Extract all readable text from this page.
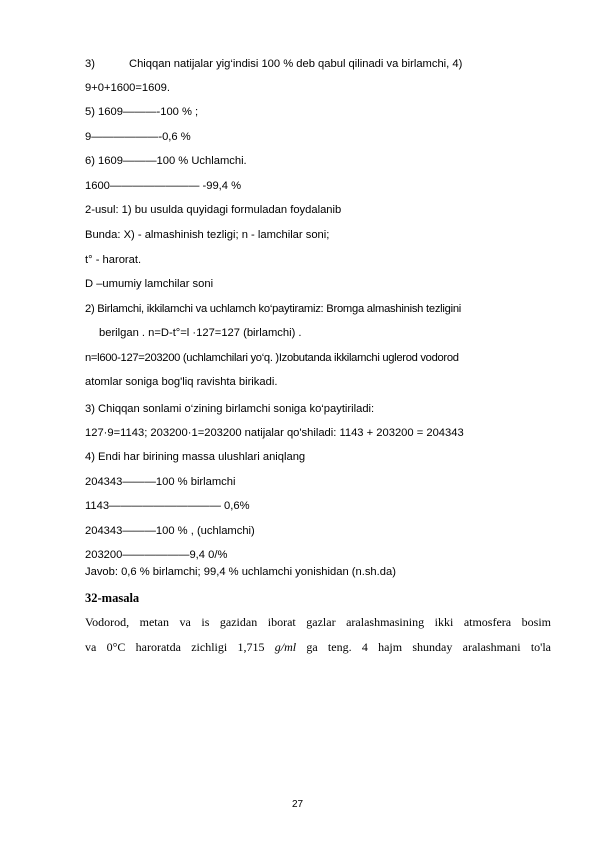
3)	Chiqqan natijalar yig‘indisi 100 % deb qabul qilinadi va birlamchi, 4)
9+0+1600=1609.
5) 1609———-100 % ;
9——————-0,6 %
6) 1609———100 % Uchlamchi.
1600———————— -99,4 %
2-usul: 1) bu usulda quyidagi formuladan foydalanib
Bunda: X) - almashinish tezligi; n - lamchilar soni;
t° - harorat.
D –umumiy lamchilar soni
2) Birlamchi, ikkilamchi va uchlamch ko‘paytiramiz: Bromga almashinish tezligini
berilgan . n=D-t°=l ·127=127 (birlamchi) .
n=l600-127=203200 (uchlamchilari yo‘q. )Izobutanda ikkilamchi uglerod vodorod
atomlar soniga bog'liq ravishta birikadi.
3) Chiqqan sonlami o‘zining birlamchi soniga ko‘paytiriladi:
127·9=1143; 203200·1=203200 natijalar qo'shiladi: 1143 + 203200 = 204343
4) Endi har birining massa ulushlari aniqlang
204343———100 % birlamchi
1143—————————— 0,6%
204343———100 % , (uchlamchi)
203200——————9,4 0/%
Javob: 0,6 % birlamchi; 99,4 % uchlamchi yonishidan (n.sh.da)
32-masala
Vodorod, metan va is gazidan iborat gazlar aralashmasining ikki atmosfera bosim
va 0°C haroratda zichligi 1,715 g/ml ga teng. 4 hajm shunday aralashmani to'la
27
